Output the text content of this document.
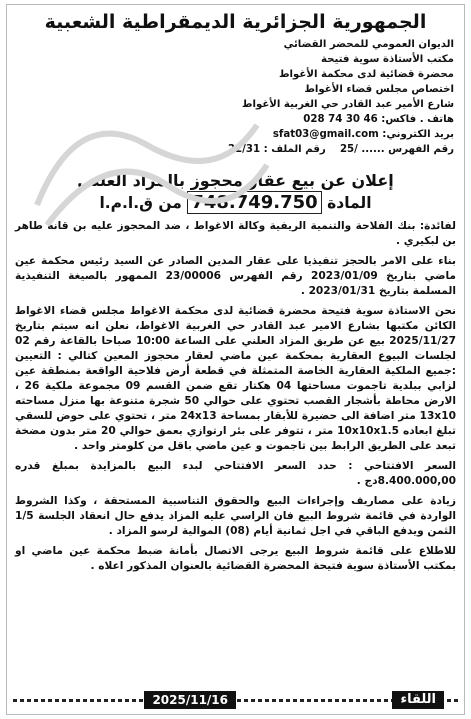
الجمهورية الجزائرية الديمقراطية الشعبية
الديوان العمومي للمحضر القضائي
مكتب الأستاذة سوية فتيحة
محضرة قضائية لدى محكمة الأغواط
اختصاص مجلس قضاء الأغواط
شارع الأمير عبد القادر حي الغربية الأغواط
هاتف . فاكس: 028 74 30 46
بريد الكتروني: sfat03@gmail.com
رقم الفهرس ...... 25/    رقم الملف : 22/31
إعلان عن بيع عقار محجوز بالمزاد العلني
المادة 748.749.750 من ق.ا.م.ا

لفائدة: بنك الفلاحة والتنمية الريفية وكالة الاغواط ، ضد المحجوز عليه بن قانة طاهر بن لبكيري .

بناء على الامر بالحجز تنفيذيا على عقار المدين الصادر عن السيد رئيس محكمة عين ماضي بتاريخ 2023/01/09 رقم الفهرس 23/00006 الممهور بالصيغة التنفيذية المسلمة بتاريخ 2023/01/31 .

نحن الاستاذة سوية فتيحة محضرة قضائية لدى محكمة الاغواط مجلس قضاء الاغواط الكائن مكتبها بشارع الامير عبد القادر حي الغربية الاغواط، نعلن انه سيتم بتاريخ 2025/11/27 بيع عن طريق المزاد العلني على الساعة 10:00 صباحا بالقاعة رقم 02 لجلسات البيوع العقارية بمحكمة عين ماضي لعقار محجوز المعين كتالي : التعيين :جميع الملكية العقارية الخاصة المتمثلة في قطعة أرض فلاحية الواقعة بمنطقة عين لزابي ببلدية تاجموت مساحتها 04 هكتار تقع ضمن القسم 09 مجموعة ملكية 26 ، الارض محاطة بأشجار القصب تحتوي على حوالي 50 شجرة متنوعة بها منزل مساحته 13x10 متر اضافة الى حضيرة للأبقار بمساحة 24x13 متر ، تحتوي على حوض للسقي تبلغ ابعاده 10x10x1.5 متر ، تتوفر على بئر ارتوازي بعمق حوالي 20 متر بدون مضخة تبعد على الطريق الرابط بين تاجموت و عين ماضي باقل من كلومتر واحد .

السعر الافتتاحي : حدد السعر الافتتاحي لبدء البيع بالمزايدة بمبلغ قدره 8.400.000,00دج .

زيادة على مصاريف وإجراءات البيع والحقوق التناسبية المستحقة ، وكذا الشروط الواردة في قائمة شروط البيع فان الراسي عليه المزاد يدفع حال انعقاد الجلسة 1/5 الثمن ويدفع الباقي في اجل ثمانية أيام (08) الموالية لرسو المزاد .

للاطلاع على قائمة شروط البيع يرجى الاتصال بأمانة ضبط محكمة عين ماضي او بمكتب الأستاذة سوية فتيحة المحضرة القضائية بالعنوان المذكور اعلاه .

اللقاء
2025/11/16
